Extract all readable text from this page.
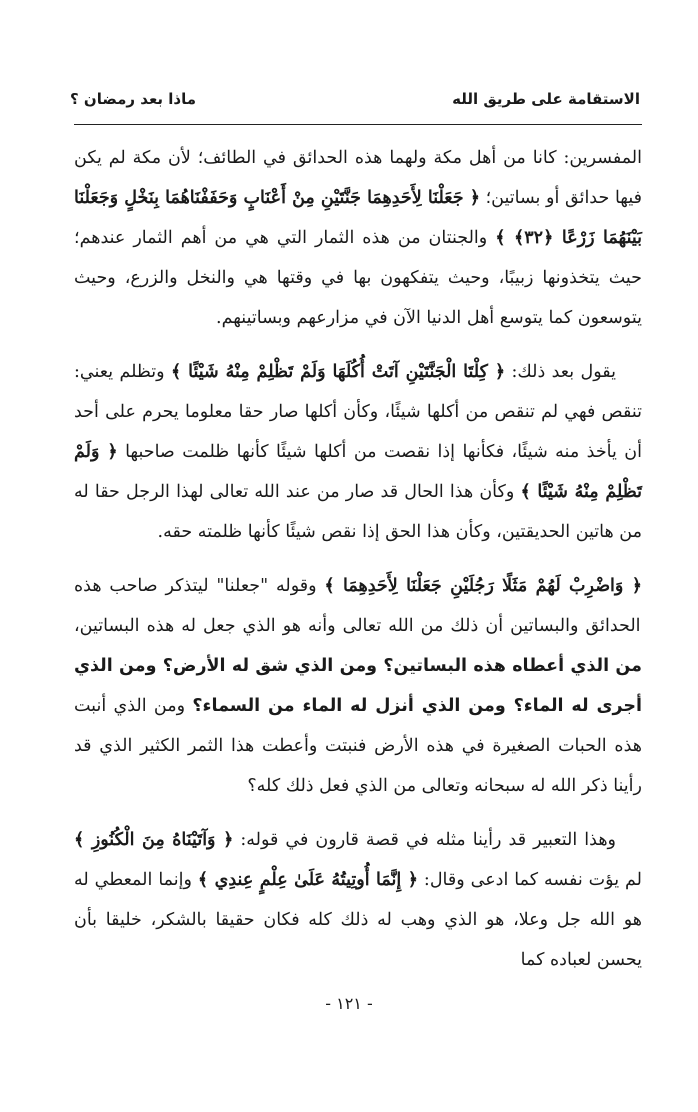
الاستقامة على طريق الله
ماذا بعد رمضان ؟

المفسرين: كانا من أهل مكة ولهما هذه الحدائق في الطائف؛ لأن مكة لم يكن فيها حدائق أو بساتين؛ ﴿ جَعَلْنَا لِأَحَدِهِمَا جَنَّتَيْنِ مِنْ أَعْنَابٍ وَحَفَفْنَاهُمَا بِنَخْلٍ وَجَعَلْنَا بَيْنَهُمَا زَرْعًا ﴿٣٢﴾ ﴾ والجنتان من هذه الثمار التي هي من أهم الثمار عندهم؛ حيث يتخذونها زبيبًا، وحيث يتفكهون بها في وقتها هي والنخل والزرع، وحيث يتوسعون كما يتوسع أهل الدنيا الآن في مزارعهم وبساتينهم.

يقول بعد ذلك: ﴿ كِلْتَا الْجَنَّتَيْنِ آتَتْ أُكُلَهَا وَلَمْ تَظْلِمْ مِنْهُ شَيْئًا ﴾ وتظلم يعني: تنقص فهي لم تنقص من أكلها شيئًا، وكأن أكلها صار حقا معلوما يحرم على أحد أن يأخذ منه شيئًا، فكأنها إذا نقصت من أكلها شيئًا كأنها ظلمت صاحبها ﴿ وَلَمْ تَظْلِمْ مِنْهُ شَيْئًا ﴾ وكأن هذا الحال قد صار من عند الله تعالى لهذا الرجل حقا له من هاتين الحديقتين، وكأن هذا الحق إذا نقص شيئًا كأنها ظلمته حقه.

﴿ وَاضْرِبْ لَهُمْ مَثَلًا رَجُلَيْنِ جَعَلْنَا لِأَحَدِهِمَا ﴾ وقوله "جعلنا" ليتذكر صاحب هذه الحدائق والبساتين أن ذلك من الله تعالى وأنه هو الذي جعل له هذه البساتين، من الذي أعطاه هذه البساتين؟ ومن الذي شق له الأرض؟ ومن الذي أجرى له الماء؟ ومن الذي أنزل له الماء من السماء؟ ومن الذي أنبت هذه الحبات الصغيرة في هذه الأرض فنبتت وأعطت هذا الثمر الكثير الذي قد رأينا ذكر الله له سبحانه وتعالى من الذي فعل ذلك كله؟

وهذا التعبير قد رأينا مثله في قصة قارون في قوله: ﴿ وَآتَيْنَاهُ مِنَ الْكُنُوزِ ﴾ لم يؤت نفسه كما ادعى وقال: ﴿ إِنَّمَا أُوتِيتُهُ عَلَىٰ عِلْمٍ عِندِي ﴾ وإنما المعطي له هو الله جل وعلا، هو الذي وهب له ذلك كله فكان حقيقا بالشكر، خليقا بأن يحسن لعباده كما

- ١٢١ -
